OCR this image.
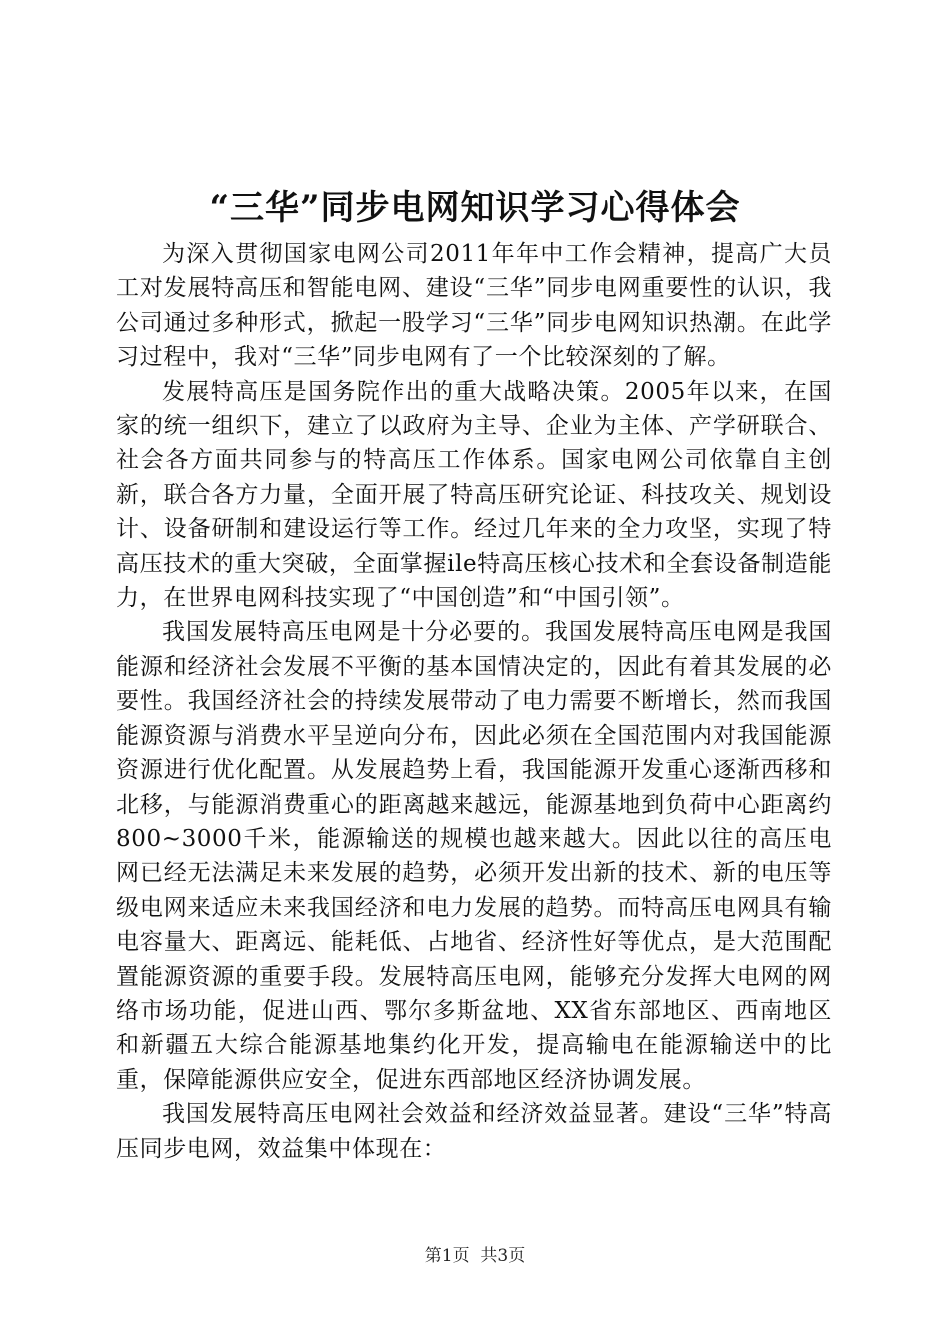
“三华”同步电网知识学习心得体会

为深入贯彻国家电网公司2011年年中工作会精神，提高广大员工对发展特高压和智能电网、建设“三华”同步电网重要性的认识，我公司通过多种形式，掀起一股学习“三华”同步电网知识热潮。在此学习过程中，我对“三华”同步电网有了一个比较深刻的了解。

发展特高压是国务院作出的重大战略决策。2005年以来，在国家的统一组织下，建立了以政府为主导、企业为主体、产学研联合、社会各方面共同参与的特高压工作体系。国家电网公司依靠自主创新，联合各方力量，全面开展了特高压研究论证、科技攻关、规划设计、设备研制和建设运行等工作。经过几年来的全力攻坚，实现了特高压技术的重大突破，全面掌握ile特高压核心技术和全套设备制造能力，在世界电网科技实现了“中国创造”和“中国引领”。

我国发展特高压电网是十分必要的。我国发展特高压电网是我国能源和经济社会发展不平衡的基本国情决定的，因此有着其发展的必要性。我国经济社会的持续发展带动了电力需要不断增长，然而我国能源资源与消费水平呈逆向分布，因此必须在全国范围内对我国能源资源进行优化配置。从发展趋势上看，我国能源开发重心逐渐西移和北移，与能源消费重心的距离越来越远，能源基地到负荷中心距离约800~3000千米，能源输送的规模也越来越大。因此以往的高压电网已经无法满足未来发展的趋势，必须开发出新的技术、新的电压等级电网来适应未来我国经济和电力发展的趋势。而特高压电网具有输电容量大、距离远、能耗低、占地省、经济性好等优点，是大范围配置能源资源的重要手段。发展特高压电网，能够充分发挥大电网的网络市场功能，促进山西、鄂尔多斯盆地、XX省东部地区、西南地区和新疆五大综合能源基地集约化开发，提高输电在能源输送中的比重，保障能源供应安全，促进东西部地区经济协调发展。

我国发展特高压电网社会效益和经济效益显著。建设“三华”特高压同步电网，效益集中体现在：

第1页 共3页
